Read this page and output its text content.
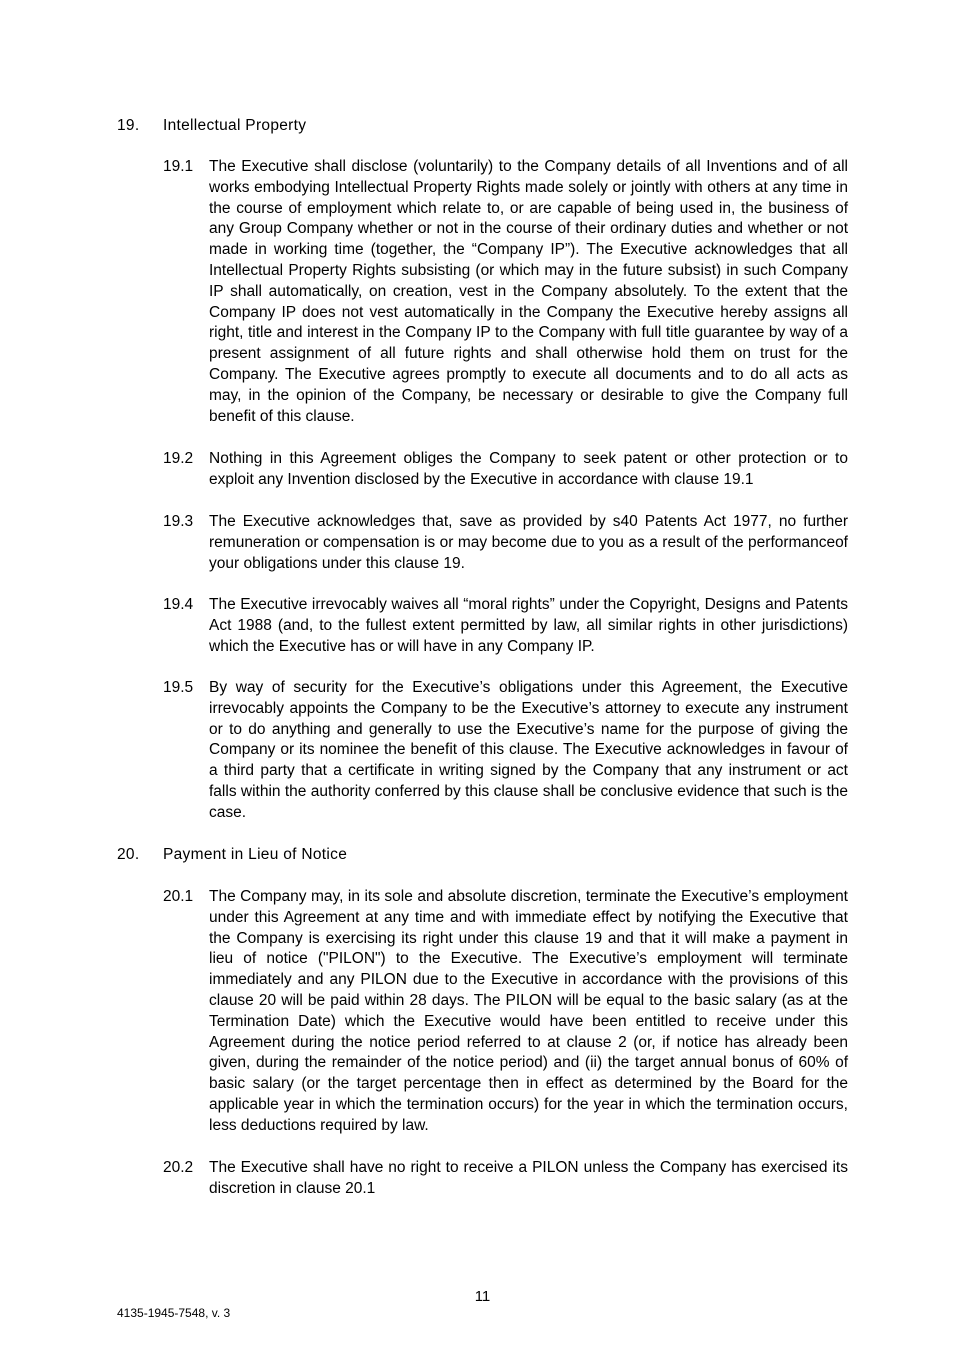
19. Intellectual Property
19.1 The Executive shall disclose (voluntarily) to the Company details of all Inventions and of all works embodying Intellectual Property Rights made solely or jointly with others at any time in the course of employment which relate to, or are capable of being used in, the business of any Group Company whether or not in the course of their ordinary duties and whether or not made in working time (together, the “Company IP”). The Executive acknowledges that all Intellectual Property Rights subsisting (or which may in the future subsist) in such Company IP shall automatically, on creation, vest in the Company absolutely. To the extent that the Company IP does not vest automatically in the Company the Executive hereby assigns all right, title and interest in the Company IP to the Company with full title guarantee by way of a present assignment of all future rights and shall otherwise hold them on trust for the Company. The Executive agrees promptly to execute all documents and to do all acts as may, in the opinion of the Company, be necessary or desirable to give the Company full benefit of this clause.
19.2 Nothing in this Agreement obliges the Company to seek patent or other protection or to exploit any Invention disclosed by the Executive in accordance with clause 19.1
19.3 The Executive acknowledges that, save as provided by s40 Patents Act 1977, no further remuneration or compensation is or may become due to you as a result of the performanceof your obligations under this clause 19.
19.4 The Executive irrevocably waives all “moral rights” under the Copyright, Designs and Patents Act 1988 (and, to the fullest extent permitted by law, all similar rights in other jurisdictions) which the Executive has or will have in any Company IP.
19.5 By way of security for the Executive’s obligations under this Agreement, the Executive irrevocably appoints the Company to be the Executive’s attorney to execute any instrument or to do anything and generally to use the Executive’s name for the purpose of giving the Company or its nominee the benefit of this clause. The Executive acknowledges in favour of a third party that a certificate in writing signed by the Company that any instrument or act falls within the authority conferred by this clause shall be conclusive evidence that such is the case.
20. Payment in Lieu of Notice
20.1 The Company may, in its sole and absolute discretion, terminate the Executive’s employment under this Agreement at any time and with immediate effect by notifying the Executive that the Company is exercising its right under this clause 19 and that it will make a payment in lieu of notice ("PILON") to the Executive. The Executive’s employment will terminate immediately and any PILON due to the Executive in accordance with the provisions of this clause 20 will be paid within 28 days. The PILON will be equal to the basic salary (as at the Termination Date) which the Executive would have been entitled to receive under this Agreement during the notice period referred to at clause 2 (or, if notice has already been given, during the remainder of the notice period) and (ii) the target annual bonus of 60% of basic salary (or the target percentage then in effect as determined by the Board for the applicable year in which the termination occurs) for the year in which the termination occurs, less deductions required by law.
20.2 The Executive shall have no right to receive a PILON unless the Company has exercised its discretion in clause 20.1
11
4135-1945-7548, v. 3
